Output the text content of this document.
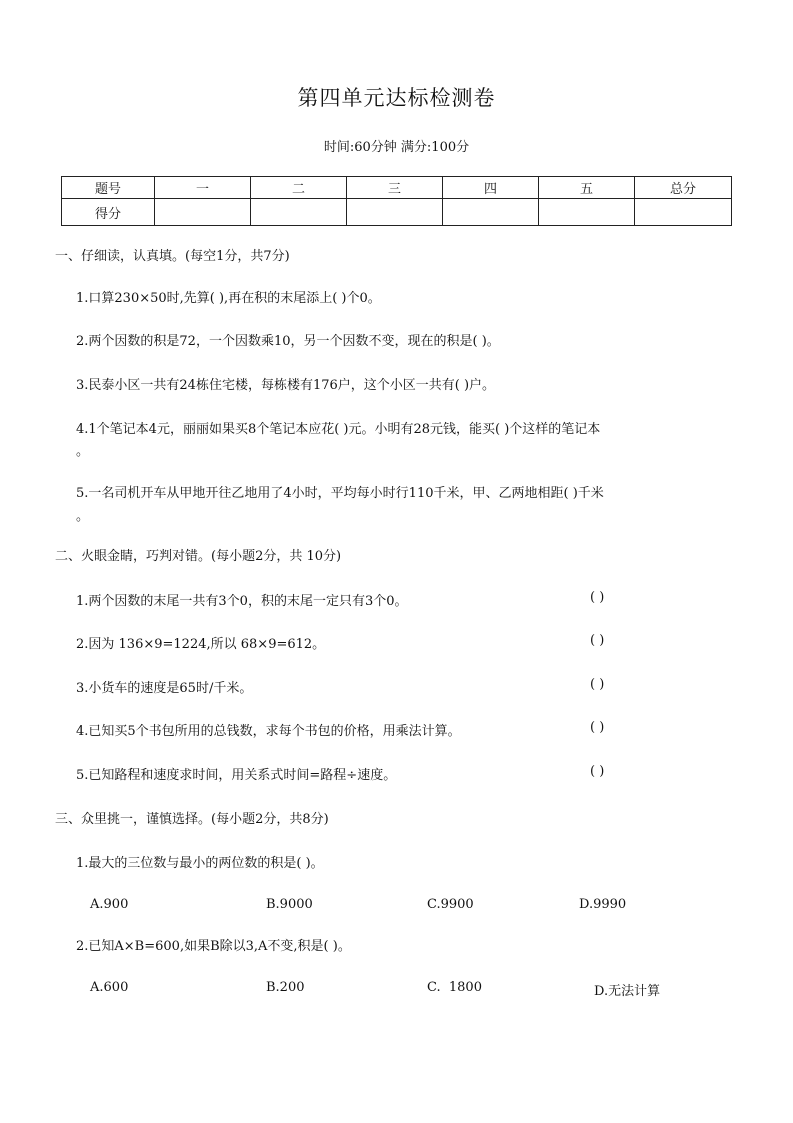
第四单元达标检测卷
时间:60分钟 满分:100分
题号	一	二	三	四	五	总分
得分						
一、仔细读，认真填。(每空1分，共7分)
1.口算230×50时,先算( ),再在积的末尾添上( )个0。
2.两个因数的积是72，一个因数乘10，另一个因数不变，现在的积是( )。
3.民泰小区一共有24栋住宅楼，每栋楼有176户，这个小区一共有( )户。
4.1个笔记本4元，丽丽如果买8个笔记本应花( )元。小明有28元钱，能买( )个这样的笔记本
。
5.一名司机开车从甲地开往乙地用了4小时，平均每小时行110千米，甲、乙两地相距( )千米
。
二、火眼金睛，巧判对错。(每小题2分，共 10分)
1.两个因数的末尾一共有3个0，积的末尾一定只有3个0。	( )
2.因为 136×9=1224,所以 68×9=612。	( )
3.小货车的速度是65时/千米。	( )
4.已知买5个书包所用的总钱数，求每个书包的价格，用乘法计算。	( )
5.已知路程和速度求时间，用关系式时间=路程÷速度。	( )
三、众里挑一，谨慎选择。(每小题2分，共8分)
1.最大的三位数与最小的两位数的积是( )。
A.900	B.9000	C.9900	D.9990
2.已知A×B=600,如果B除以3,A不变,积是( )。
A.600	B.200	C.  1800	D.无法计算
